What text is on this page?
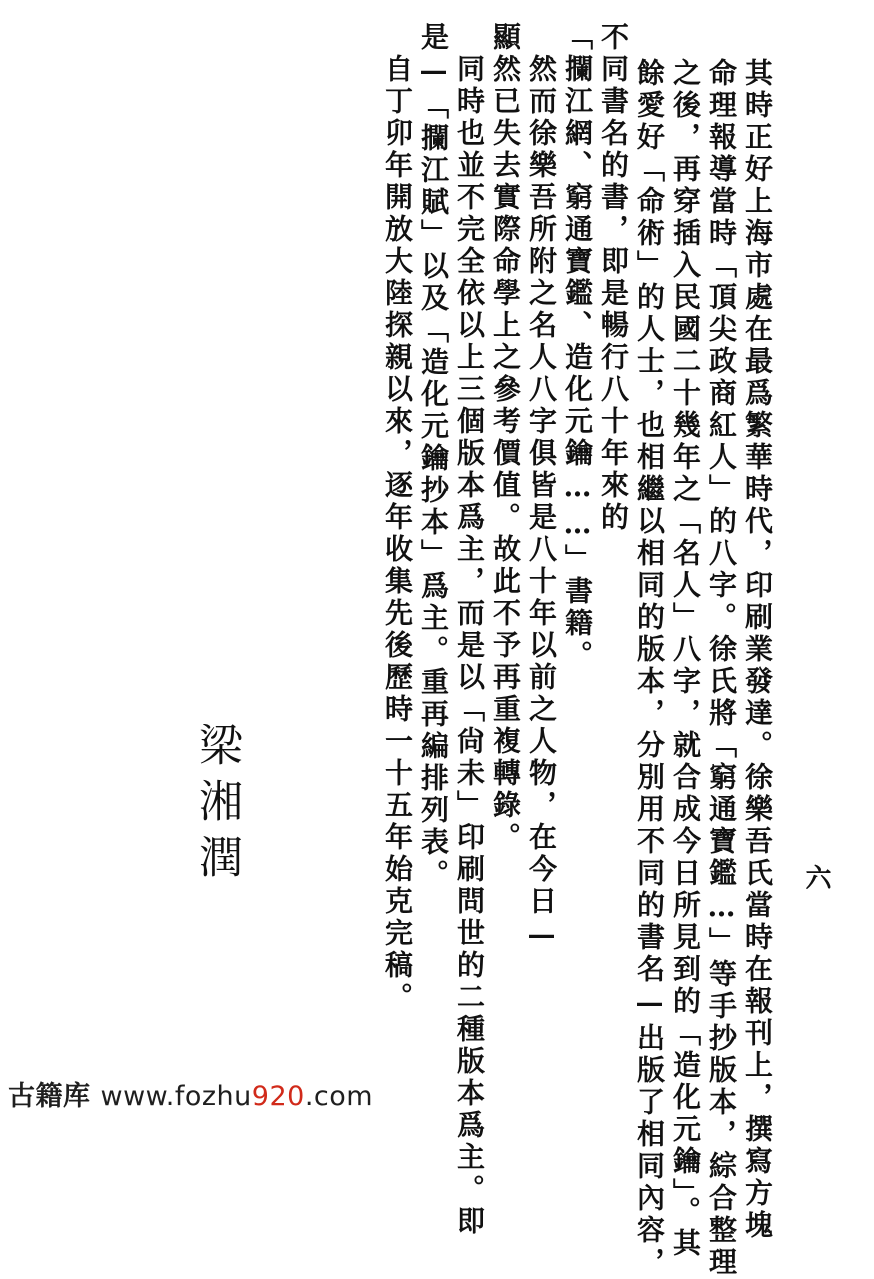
其時正好上海市處在最爲繁華時代，印刷業發達。徐樂吾氏當時在報刊上，撰寫方塊
命理報導當時「頂尖政商紅人」的八字。徐氏將「窮通寶鑑…」等手抄版本，綜合整理
之後，再穿插入民國二十幾年之「名人」八字，就合成今日所見到的「造化元鑰」。其
餘愛好「命術」的人士，也相繼以相同的版本，分別用不同的書名—出版了相同內容，
不同書名的書，即是暢行八十年來的
「攔江網、窮通寶鑑、造化元鑰……」書籍。
　然而徐樂吾所附之名人八字俱皆是八十年以前之人物，在今日—
顯然已失去實際命學上之參考價值。故此不予再重複轉錄。
　同時也並不完全依以上三個版本爲主，而是以「尙未」印刷問世的二種版本爲主。即
是—「攔江賦」以及「造化元鑰抄本」爲主。重再編排列表。
　自丁卯年開放大陸探親以來，逐年收集先後歷時一十五年始克完稿。	六
梁湘潤
古籍库 www.fozhu920.com
